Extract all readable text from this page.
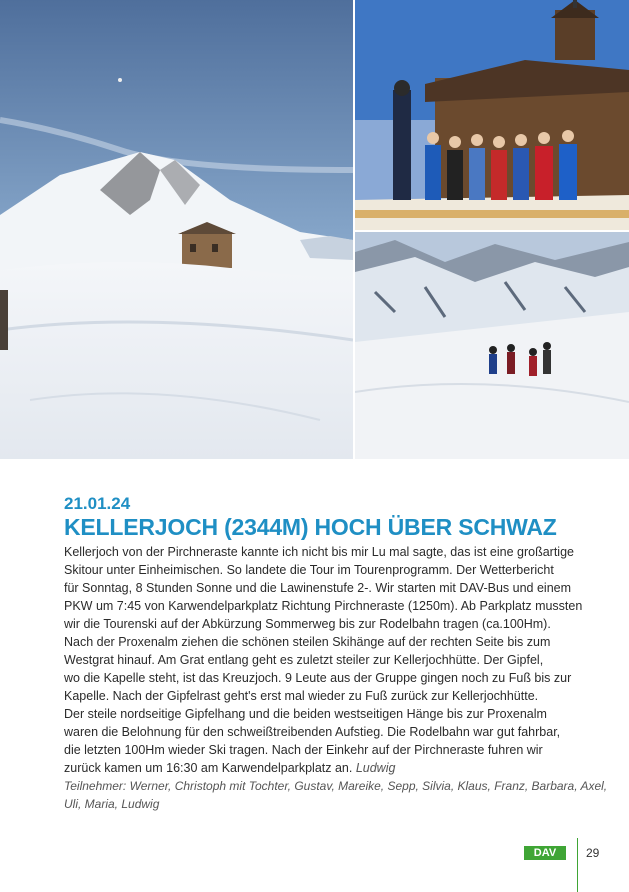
21.01.24

KELLERJOCH (2344M) HOCH ÜBER SCHWAZ

Kellerjoch von der Pirchneraste kannte ich nicht bis mir Lu mal sagte, das ist eine großartige
Skitour unter Einheimischen. So landete die Tour im Tourenprogramm. Der Wetterbericht
für Sonntag, 8 Stunden Sonne und die Lawinenstufe 2-. Wir starten mit DAV-Bus und einem
PKW um 7:45 von Karwendelparkplatz Richtung Pirchneraste (1250m). Ab Parkplatz mussten
wir die Tourenski auf der Abkürzung Sommerweg bis zur Rodelbahn tragen (ca.100Hm).
Nach der Proxenalm ziehen die schönen steilen Skihänge auf der rechten Seite bis zum
Westgrat hinauf. Am Grat entlang geht es zuletzt steiler zur Kellerjochhütte. Der Gipfel,
wo die Kapelle steht, ist das Kreuzjoch. 9 Leute aus der Gruppe gingen noch zu Fuß bis zur
Kapelle. Nach der Gipfelrast geht's erst mal wieder zu Fuß zurück zur Kellerjochhütte.
Der steile nordseitige Gipfelhang und die beiden westseitigen Hänge bis zur Proxenalm
waren die Belohnung für den schweißtreibenden Aufstieg. Die Rodelbahn war gut fahrbar,
die letzten 100Hm wieder Ski tragen. Nach der Einkehr auf der Pirchneraste fuhren wir
zurück kamen um 16:30 am Karwendelparkplatz an. Ludwig

Teilnehmer: Werner, Christoph mit Tochter, Gustav, Mareike, Sepp, Silvia, Klaus, Franz, Barbara, Axel,
Uli, Maria, Ludwig

DAV	29
